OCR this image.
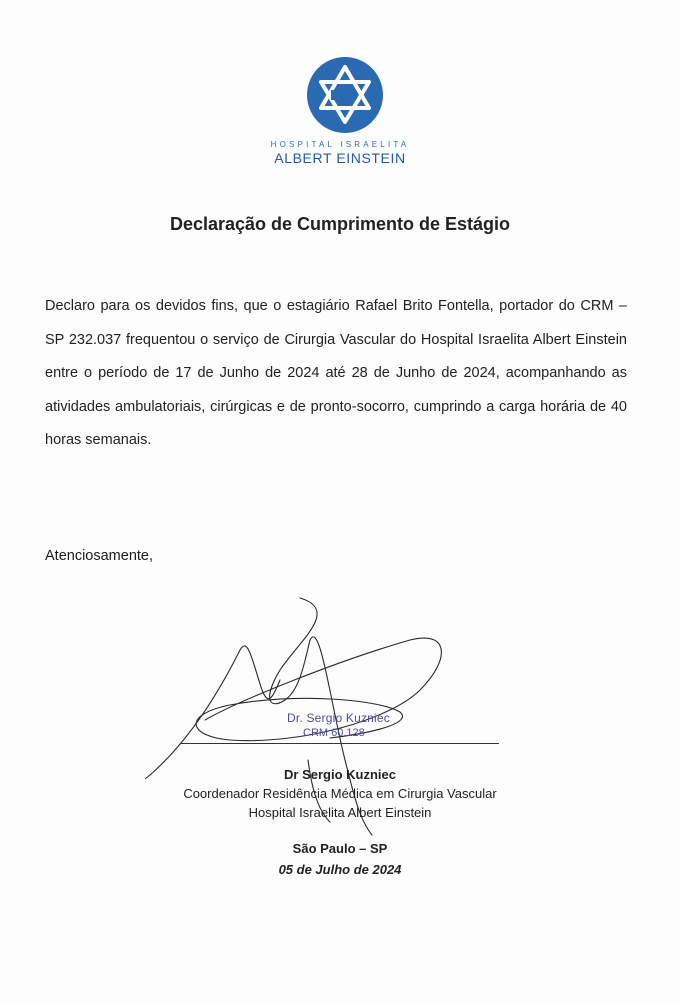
HOSPITAL ISRAELITA
ALBERT EINSTEIN
Declaração de Cumprimento de Estágio
Declaro para os devidos fins, que o estagiário Rafael Brito Fontella, portador do CRM – SP 232.037 frequentou o serviço de Cirurgia Vascular do Hospital Israelita Albert Einstein entre o período de 17 de Junho de 2024 até 28 de Junho de 2024, acompanhando as atividades ambulatoriais, cirúrgicas e de pronto-socorro, cumprindo a carga horária de 40 horas semanais.
Atenciosamente,
Dr. Sergio Kuzniec
CRM 60.128
Dr Sergio Kuzniec
Coordenador Residência Médica em Cirurgia Vascular
Hospital Israelita Albert Einstein
São Paulo – SP
05 de Julho de 2024
